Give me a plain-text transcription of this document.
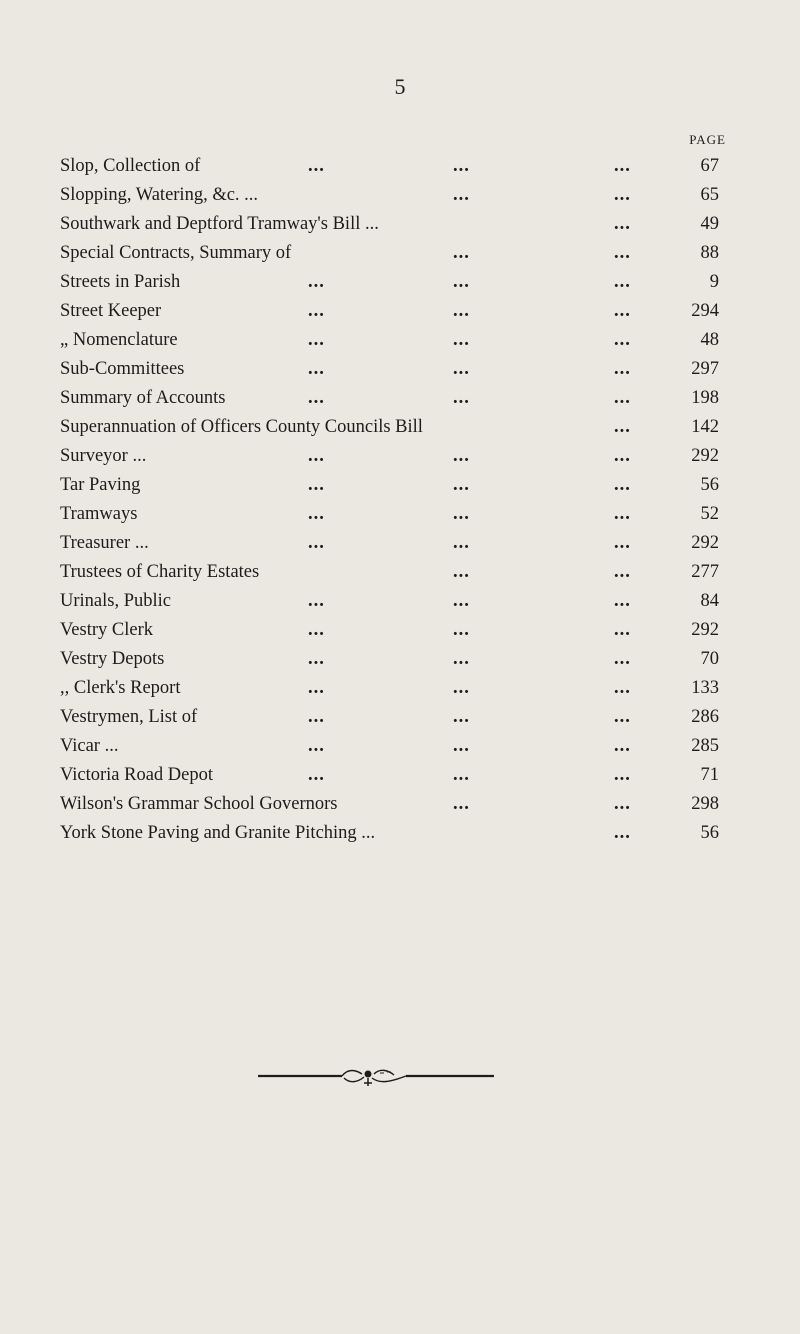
5
PAGE
Slop, Collection of	...	...	...	67
Slopping, Watering, &c. ...	...	...	65
Southwark and Deptford Tramway's Bill ...	...	49
Special Contracts, Summary of	...	...	88
Streets in Parish	...	...	...	9
Street Keeper	...	...	...	294
„ Nomenclature	...	...	...	48
Sub-Committees	...	...	...	297
Summary of Accounts	...	...	...	198
Superannuation of Officers County Councils Bill	...	142
Surveyor ...	...	...	...	292
Tar Paving	...	...	...	56
Tramways	...	...	...	52
Treasurer ...	...	...	...	292
Trustees of Charity Estates	...	...	277
Urinals, Public	...	...	...	84
Vestry Clerk	...	...	...	292
Vestry Depots	...	...	...	70
,, Clerk's Report	...	...	...	133
Vestrymen, List of	...	...	...	286
Vicar ...	...	...	...	285
Victoria Road Depot	...	...	...	71
Wilson's Grammar School Governors	...	...	298
York Stone Paving and Granite Pitching ...	...	56
